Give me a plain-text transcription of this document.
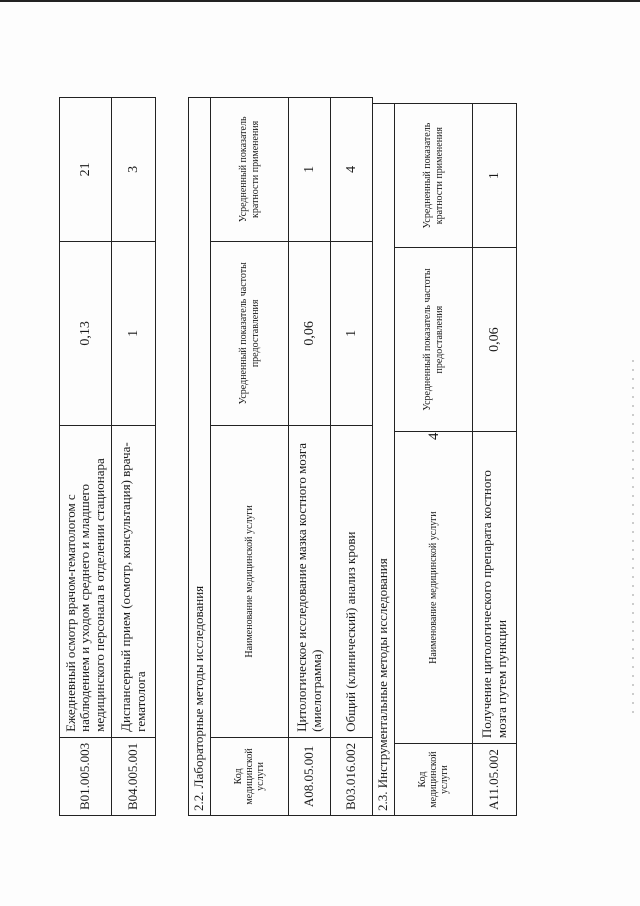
4
B01.005.003	Ежедневный осмотр врачом-гематологом с наблюдением и уходом среднего и младшего медицинского персонала в отделении стационара	0,13	21
B04.005.001	Диспансерный прием (осмотр, консультация) врача-гематолога	1	3
2.2. Лабораторные методы исследования			
Код медицинской услуги	Наименование медицинской услуги	Усредненный показатель частоты предоставления	Усредненный показатель кратности применения
A08.05.001	Цитологическое исследование мазка костного мозга (миелограмма)	0,06	1
B03.016.002	Общий (клинический) анализ крови	1	4
2.3. Инструментальные методы исследования			
Код медицинской услуги	Наименование медицинской услуги	Усредненный показатель частоты предоставления	Усредненный показатель кратности применения
A11.05.002	Получение цитологического препарата костного мозга путем пункции	0,06	1
